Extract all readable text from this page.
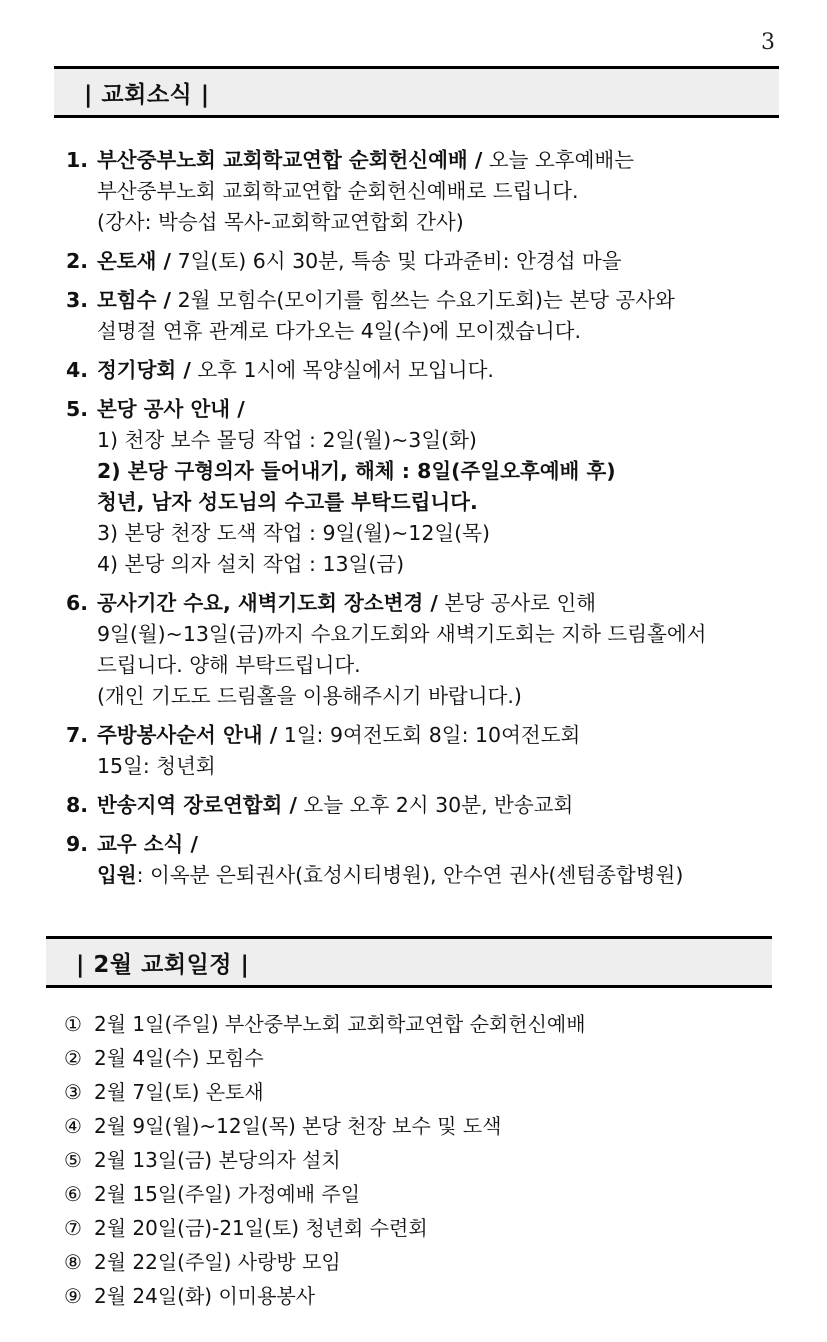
3
| 교회소식 |
1. 부산중부노회 교회학교연합 순회헌신예배 / 오늘 오후예배는
부산중부노회 교회학교연합 순회헌신예배로 드립니다.
(강사: 박승섭 목사-교회학교연합회 간사)
2. 온토새 / 7일(토) 6시 30분, 특송 및 다과준비: 안경섭 마을
3. 모힘수 / 2월 모힘수(모이기를 힘쓰는 수요기도회)는 본당 공사와
설명절 연휴 관계로 다가오는 4일(수)에 모이겠습니다.
4. 정기당회 / 오후 1시에 목양실에서 모입니다.
5. 본당 공사 안내 /
1) 천장 보수 몰딩 작업 : 2일(월)~3일(화)
2) 본당 구형의자 들어내기, 해체 : 8일(주일오후예배 후)
청년, 남자 성도님의 수고를 부탁드립니다.
3) 본당 천장 도색 작업 : 9일(월)~12일(목)
4) 본당 의자 설치 작업 : 13일(금)
6. 공사기간 수요, 새벽기도회 장소변경 / 본당 공사로 인해
9일(월)~13일(금)까지 수요기도회와 새벽기도회는 지하 드림홀에서
드립니다. 양해 부탁드립니다.
(개인 기도도 드림홀을 이용해주시기 바랍니다.)
7. 주방봉사순서 안내 / 1일: 9여전도회 8일: 10여전도회
15일: 청년회
8. 반송지역 장로연합회 / 오늘 오후 2시 30분, 반송교회
9. 교우 소식 /
입원: 이옥분 은퇴권사(효성시티병원), 안수연 권사(센텀종합병원)
| 2월 교회일정 |
① 2월 1일(주일) 부산중부노회 교회학교연합 순회헌신예배
② 2월 4일(수) 모힘수
③ 2월 7일(토) 온토새
④ 2월 9일(월)~12일(목) 본당 천장 보수 및 도색
⑤ 2월 13일(금) 본당의자 설치
⑥ 2월 15일(주일) 가정예배 주일
⑦ 2월 20일(금)-21일(토) 청년회 수련회
⑧ 2월 22일(주일) 사랑방 모임
⑨ 2월 24일(화) 이미용봉사
